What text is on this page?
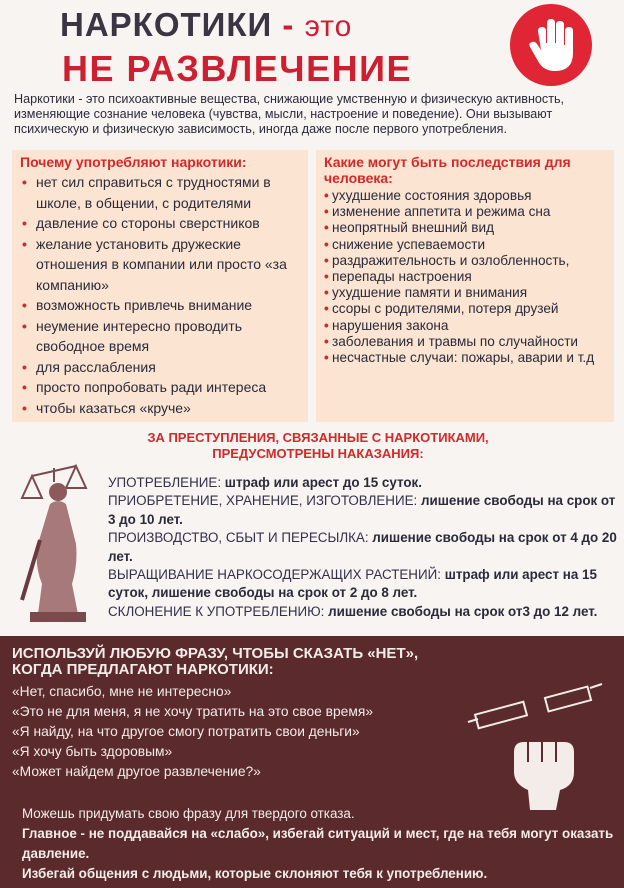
НАРКОТИКИ - это
НЕ РАЗВЛЕЧЕНИЕ
Наркотики - это психоактивные вещества, снижающие умственную и физическую активность, изменяющие сознание человека (чувства, мысли, настроение и поведение). Они вызывают психическую и физическую зависимость, иногда даже после первого употребления.
Почему употребляют наркотики:
• нет сил справиться с трудностями в школе, в общении, с родителями
• давление со стороны сверстников
• желание установить дружеские отношения в компании или просто «за компанию»
• возможность привлечь внимание
• неумение интересно проводить свободное время
• для расслабления
• просто попробовать ради интереса
• чтобы казаться «круче»
Какие могут быть последствия для человека:
• ухудшение состояния здоровья
• изменение аппетита и режима сна
• неопрятный внешний вид
• снижение успеваемости
• раздражительность и озлобленность,
• перепады настроения
• ухудшение памяти и внимания
• ссоры с родителями, потеря друзей
• нарушения закона
• заболевания и травмы по случайности
• несчастные случаи: пожары, аварии и т.д
ЗА ПРЕСТУПЛЕНИЯ, СВЯЗАННЫЕ С НАРКОТИКАМИ, ПРЕДУСМОТРЕНЫ НАКАЗАНИЯ:
УПОТРЕБЛЕНИЕ: штраф или арест до 15 суток.
ПРИОБРЕТЕНИЕ, ХРАНЕНИЕ, ИЗГОТОВЛЕНИЕ: лишение свободы на срок от 3 до 10 лет.
ПРОИЗВОДСТВО, СБЫТ И ПЕРЕСЫЛКА: лишение свободы на срок от 4 до 20 лет.
ВЫРАЩИВАНИЕ НАРКОСОДЕРЖАЩИХ РАСТЕНИЙ: штраф или арест на 15 суток, лишение свободы на срок от 2 до 8 лет.
СКЛОНЕНИЕ К УПОТРЕБЛЕНИЮ: лишение свободы на срок от3 до 12 лет.
ИСПОЛЬЗУЙ ЛЮБУЮ ФРАЗУ, ЧТОБЫ СКАЗАТЬ «НЕТ», КОГДА ПРЕДЛАГАЮТ НАРКОТИКИ:
«Нет, спасибо, мне не интересно»
«Это не для меня, я не хочу тратить на это свое время»
«Я найду, на что другое смогу потратить свои деньги»
«Я хочу быть здоровым»
«Может найдем другое развлечение?»
Можешь придумать свою фразу для твердого отказа.
Главное - не поддавайся на «слабо», избегай ситуаций и мест, где на тебя могут оказать давление.
Избегай общения с людьми, которые склоняют тебя к употреблению.
